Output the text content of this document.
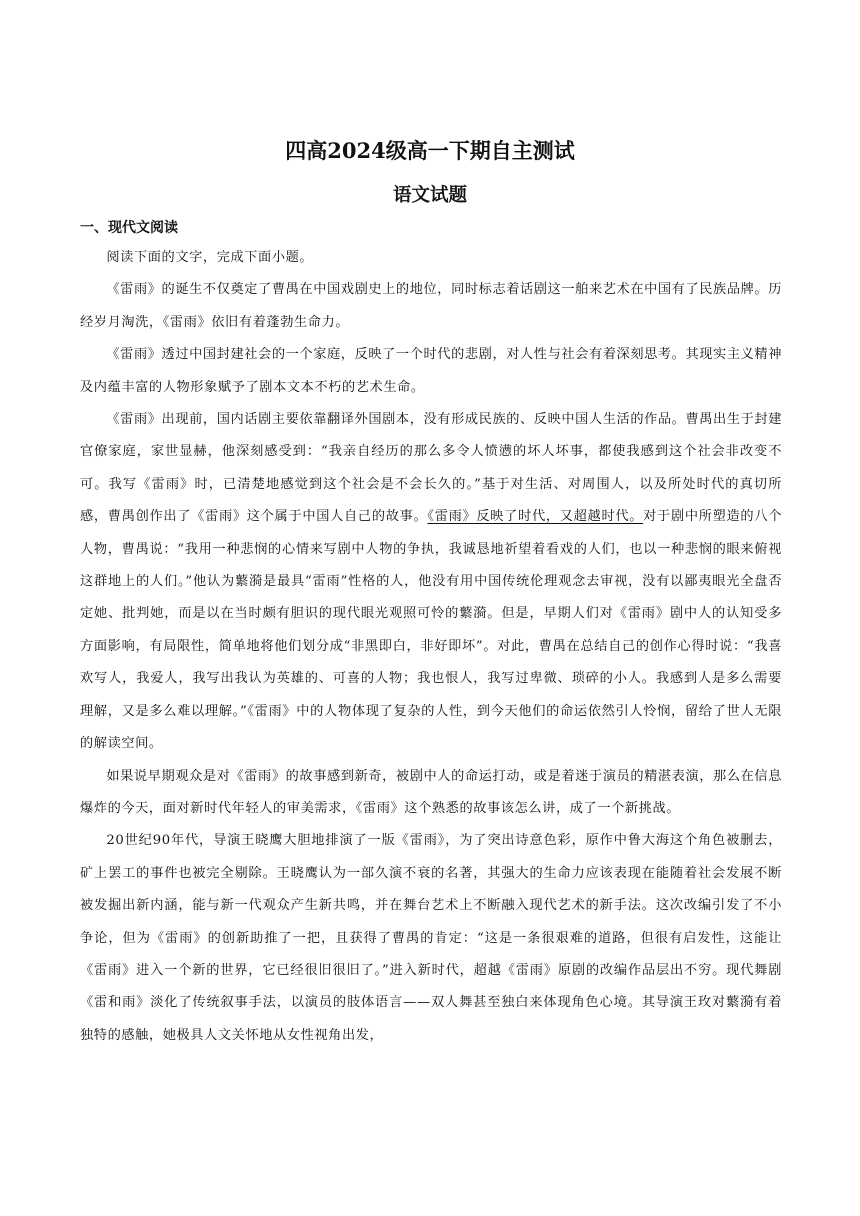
四高2024级高一下期自主测试
语文试题
一、现代文阅读

阅读下面的文字，完成下面小题。

《雷雨》的诞生不仅奠定了曹禺在中国戏剧史上的地位，同时标志着话剧这一舶来艺术在中国有了民族品牌。历经岁月淘洗，《雷雨》依旧有着蓬勃生命力。

《雷雨》透过中国封建社会的一个家庭，反映了一个时代的悲剧，对人性与社会有着深刻思考。其现实主义精神及内蕴丰富的人物形象赋予了剧本文本不朽的艺术生命。

《雷雨》出现前，国内话剧主要依靠翻译外国剧本，没有形成民族的、反映中国人生活的作品。曹禺出生于封建官僚家庭，家世显赫，他深刻感受到：“我亲自经历的那么多令人愤懑的坏人坏事，都使我感到这个社会非改变不可。我写《雷雨》时，已清楚地感觉到这个社会是不会长久的。”基于对生活、对周围人，以及所处时代的真切所感，曹禺创作出了《雷雨》这个属于中国人自己的故事。《雷雨》反映了时代，又超越时代。对于剧中所塑造的八个人物，曹禺说：“我用一种悲悯的心情来写剧中人物的争执，我诚恳地祈望着看戏的人们，也以一种悲悯的眼来俯视这群地上的人们。”他认为蘩漪是最具“雷雨”性格的人，他没有用中国传统伦理观念去审视，没有以鄙夷眼光全盘否定她、批判她，而是以在当时颇有胆识的现代眼光观照可怜的蘩漪。但是，早期人们对《雷雨》剧中人的认知受多方面影响，有局限性，简单地将他们划分成“非黑即白，非好即坏”。对此，曹禺在总结自己的创作心得时说：“我喜欢写人，我爱人，我写出我认为英雄的、可喜的人物；我也恨人，我写过卑微、琐碎的小人。我感到人是多么需要理解，又是多么难以理解。”《雷雨》中的人物体现了复杂的人性，到今天他们的命运依然引人怜悯，留给了世人无限的解读空间。

如果说早期观众是对《雷雨》的故事感到新奇，被剧中人的命运打动，或是着迷于演员的精湛表演，那么在信息爆炸的今天，面对新时代年轻人的审美需求，《雷雨》这个熟悉的故事该怎么讲，成了一个新挑战。

20世纪90年代，导演王晓鹰大胆地排演了一版《雷雨》，为了突出诗意色彩，原作中鲁大海这个角色被删去，矿上罢工的事件也被完全剔除。王晓鹰认为一部久演不衰的名著，其强大的生命力应该表现在能随着社会发展不断被发掘出新内涵，能与新一代观众产生新共鸣，并在舞台艺术上不断融入现代艺术的新手法。这次改编引发了不小争论，但为《雷雨》的创新助推了一把，且获得了曹禺的肯定：“这是一条很艰难的道路，但很有启发性，这能让《雷雨》进入一个新的世界，它已经很旧很旧了。”进入新时代，超越《雷雨》原剧的改编作品层出不穷。现代舞剧《雷和雨》淡化了传统叙事手法，以演员的肢体语言——双人舞甚至独白来体现角色心境。其导演王玫对蘩漪有着独特的感触，她极具人文关怀地从女性视角出发，
